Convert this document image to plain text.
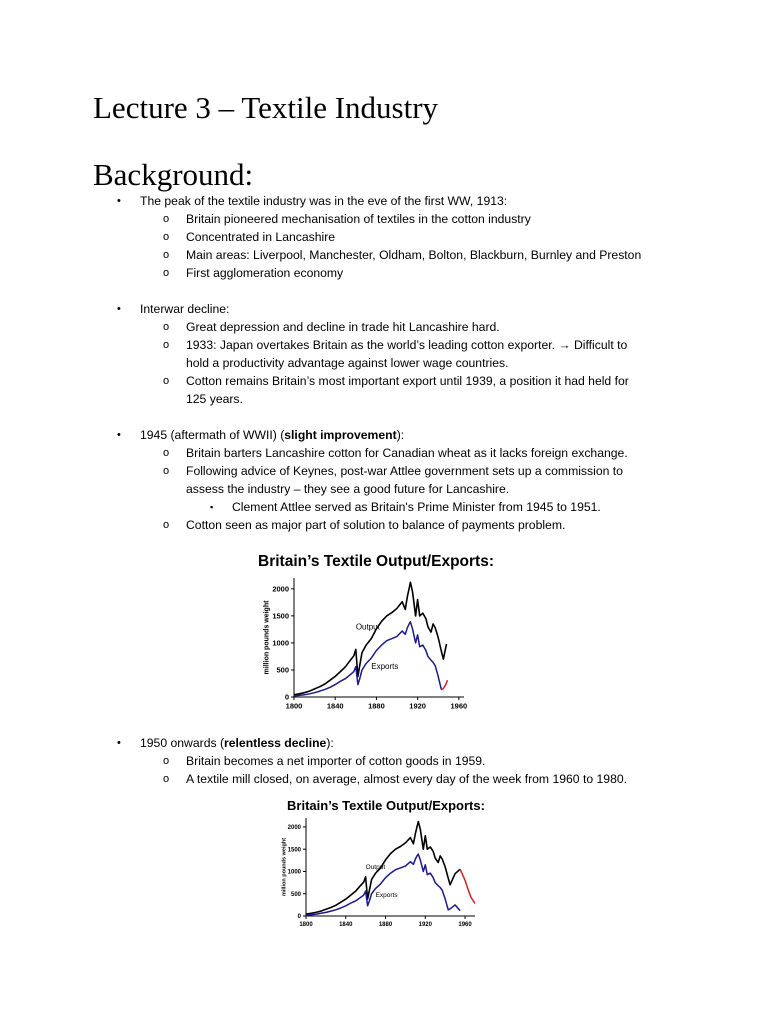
Lecture 3 – Textile Industry
Background:
• The peak of the textile industry was in the eve of the first WW, 1913:
o Britain pioneered mechanisation of textiles in the cotton industry
o Concentrated in Lancashire
o Main areas: Liverpool, Manchester, Oldham, Bolton, Blackburn, Burnley and Preston
o First agglomeration economy
• Interwar decline:
o Great depression and decline in trade hit Lancashire hard.
o 1933: Japan overtakes Britain as the world’s leading cotton exporter. → Difficult to
hold a productivity advantage against lower wage countries.
o Cotton remains Britain’s most important export until 1939, a position it had held for
125 years.
• 1945 (aftermath of WWII) (slight improvement):
o Britain barters Lancashire cotton for Canadian wheat as it lacks foreign exchange.
o Following advice of Keynes, post-war Attlee government sets up a commission to
assess the industry – they see a good future for Lancashire.
▪ Clement Attlee served as Britain's Prime Minister from 1945 to 1951.
o Cotton seen as major part of solution to balance of payments problem.
Britain’s Textile Output/Exports:
0
500
1000
1500
2000
1800	1840	1880	1920	1960
million pounds weight	Output
Exports
• 1950 onwards (relentless decline):
o Britain becomes a net importer of cotton goods in 1959.
o A textile mill closed, on average, almost every day of the week from 1960 to 1980.
Britain’s Textile Output/Exports:
0
500
1000
1500
2000
1800	1840	1880	1920	1960
million pounds weight	Output
Exports
